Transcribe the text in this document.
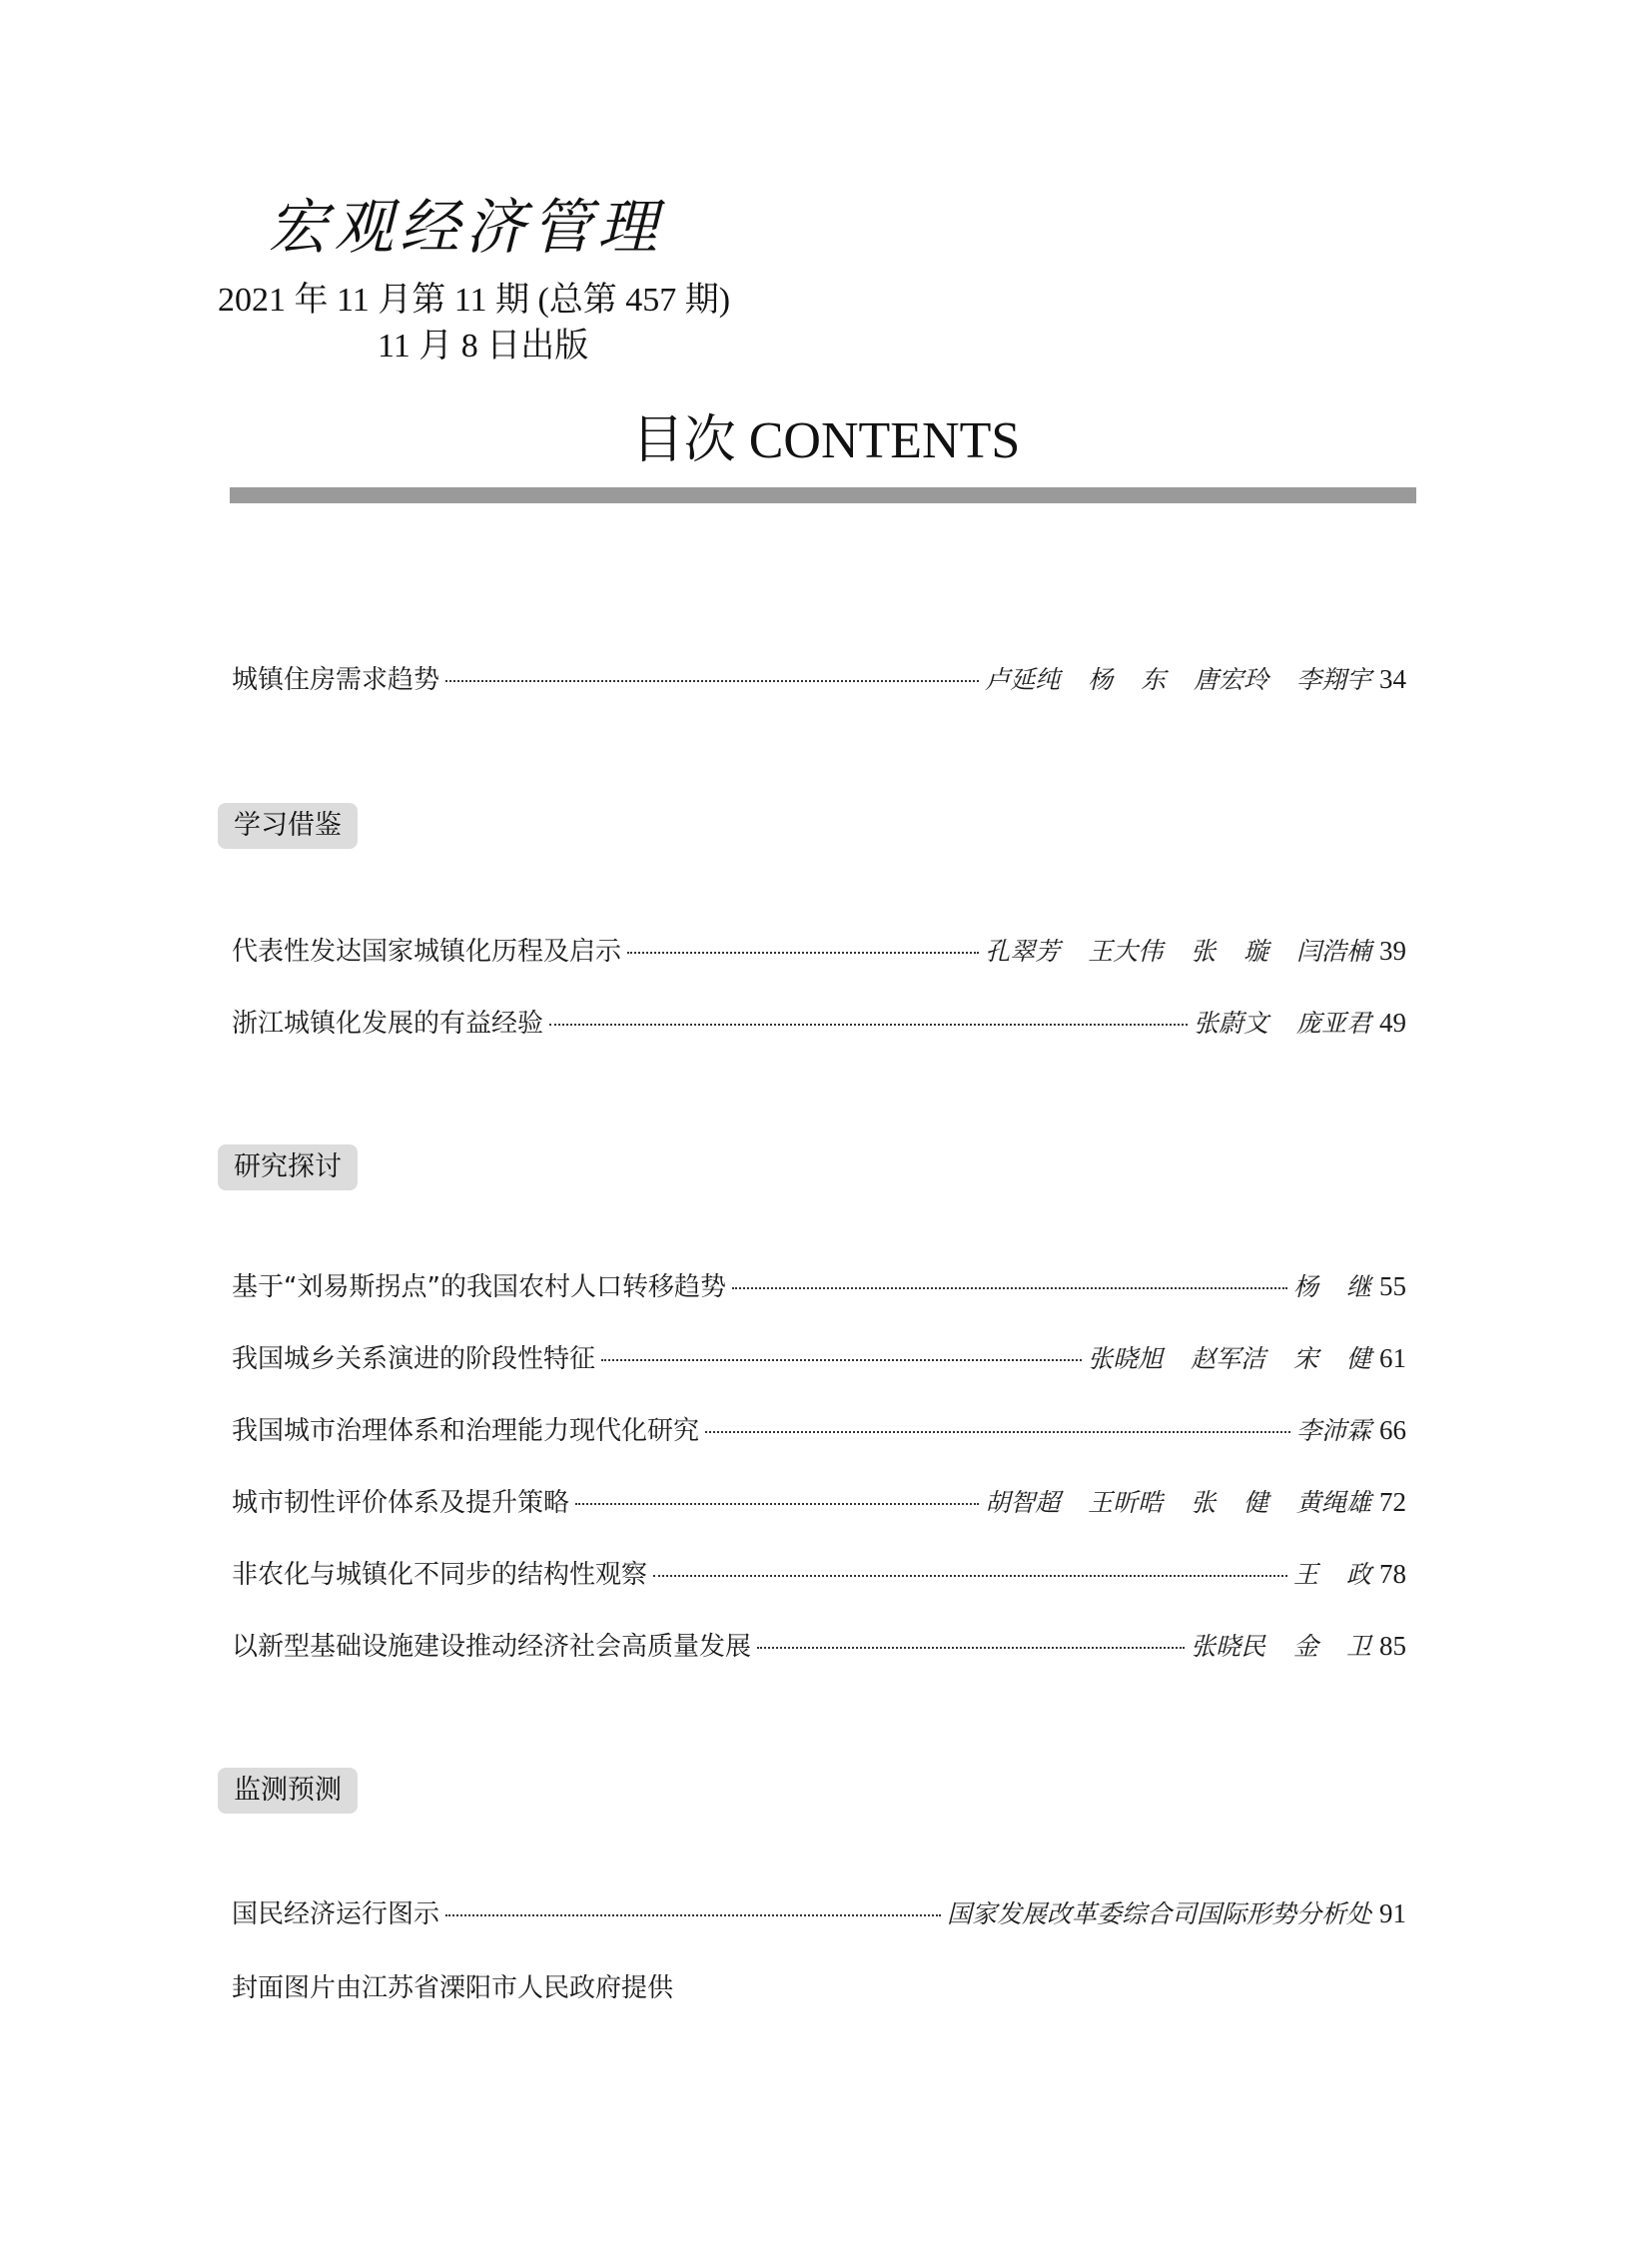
宏观经济管理
2021 年 11 月第 11 期 (总第 457 期)
11 月 8 日出版
目次 CONTENTS
城镇住房需求趋势	卢延纯 杨 东 唐宏玲 李翔宇 34
学习借鉴
代表性发达国家城镇化历程及启示	孔翠芳 王大伟 张 璇 闫浩楠 39
浙江城镇化发展的有益经验	张蔚文 庞亚君 49
研究探讨
基于“刘易斯拐点”的我国农村人口转移趋势	杨 继 55
我国城乡关系演进的阶段性特征	张晓旭 赵军洁 宋 健 61
我国城市治理体系和治理能力现代化研究	李沛霖 66
城市韧性评价体系及提升策略	胡智超 王昕晧 张 健 黄绳雄 72
非农化与城镇化不同步的结构性观察	王 政 78
以新型基础设施建设推动经济社会高质量发展	张晓民 金 卫 85
监测预测
国民经济运行图示	国家发展改革委综合司国际形势分析处 91
封面图片由江苏省溧阳市人民政府提供
